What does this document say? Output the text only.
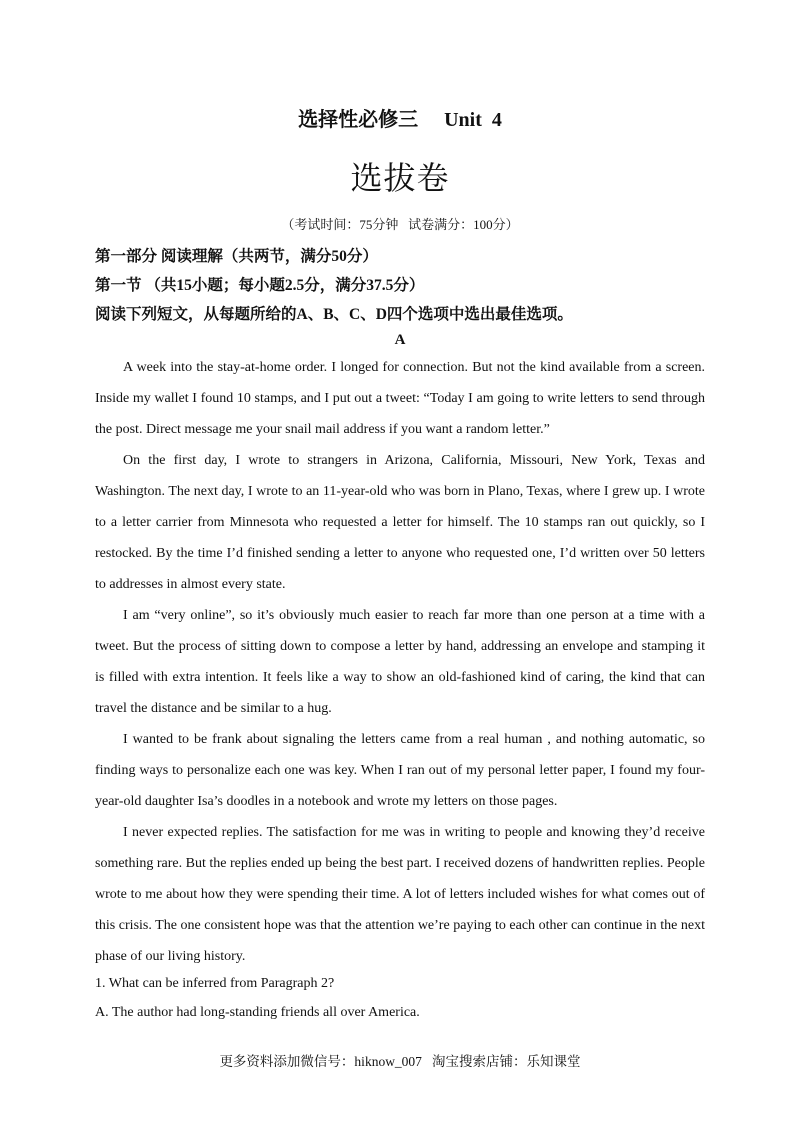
选择性必修三 Unit  4
选拔卷
（考试时间：75分钟   试卷满分：100分）
第一部分 阅读理解（共两节，满分50分）
第一节 （共15小题；每小题2.5分，满分37.5分）
阅读下列短文，从每题所给的A、B、C、D四个选项中选出最佳选项。
A

A week into the stay-at-home order. I longed for connection. But not the kind available from a screen. Inside my wallet I found 10 stamps, and I put out a tweet: “Today I am going to write letters to send through the post. Direct message me your snail mail address if you want a random letter.”

On the first day, I wrote to strangers in Arizona, California, Missouri, New York, Texas and Washington. The next day, I wrote to an 11-year-old who was born in Plano, Texas, where I grew up. I wrote to a letter carrier from Minnesota who requested a letter for himself. The 10 stamps ran out quickly, so I restocked. By the time I’d finished sending a letter to anyone who requested one, I’d written over 50 letters to addresses in almost every state.

I am “very online”, so it’s obviously much easier to reach far more than one person at a time with a tweet. But the process of sitting down to compose a letter by hand, addressing an envelope and stamping it is filled with extra intention. It feels like a way to show an old-fashioned kind of caring, the kind that can travel the distance and be similar to a hug.

I wanted to be frank about signaling the letters came from a real human , and nothing automatic, so finding ways to personalize each one was key. When I ran out of my personal letter paper, I found my four-year-old daughter Isa’s doodles in a notebook and wrote my letters on those pages.

I never expected replies. The satisfaction for me was in writing to people and knowing they’d receive something rare. But the replies ended up being the best part. I received dozens of handwritten replies. People wrote to me about how they were spending their time. A lot of letters included wishes for what comes out of this crisis. The one consistent hope was that the attention we’re paying to each other can continue in the next phase of our living history.

1. What can be inferred from Paragraph 2?
A. The author had long-standing friends all over America.
更多资料添加微信号：hiknow_007   淘宝搜索店铺：乐知课堂
